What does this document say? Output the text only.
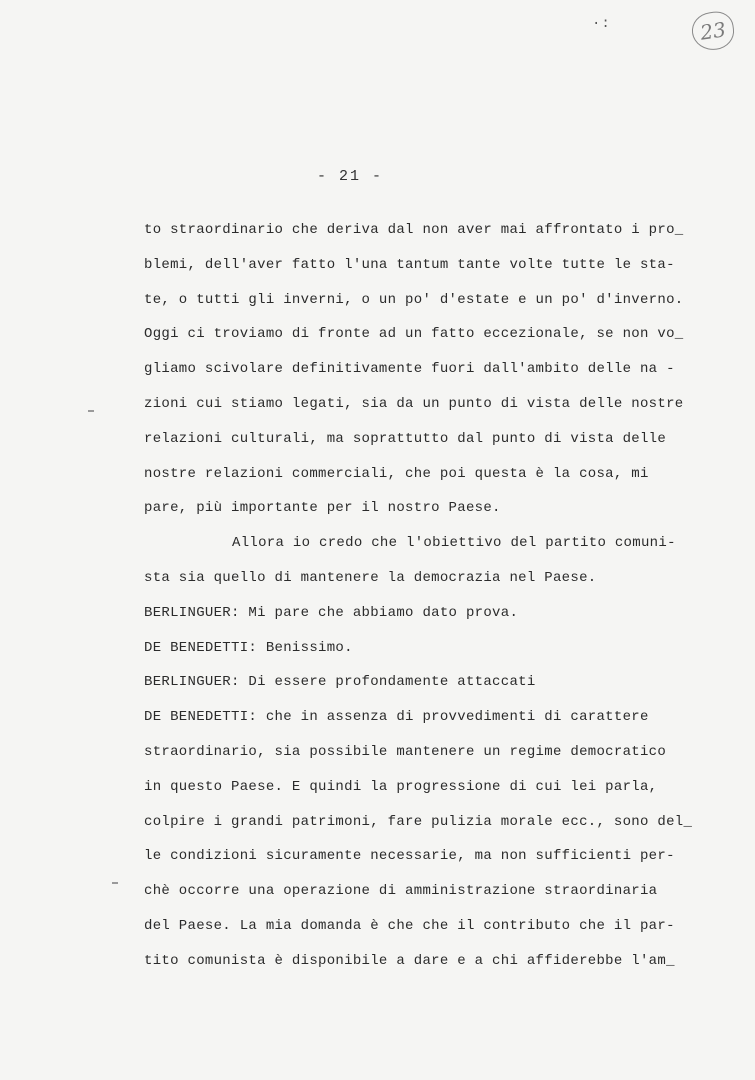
·:	23
- 21 -
to straordinario che deriva dal non aver mai affrontato i pro_
blemi, dell'aver fatto l'una tantum tante volte tutte le sta-
te, o tutti gli inverni, o un po' d'estate e un po' d'inverno.
Oggi ci troviamo di fronte ad un fatto eccezionale, se non vo_
gliamo scivolare definitivamente fuori dall'ambito delle na -
zioni cui stiamo legati, sia da un punto di vista delle nostre
relazioni culturali, ma soprattutto dal punto di vista delle
nostre relazioni commerciali, che poi questa è la cosa, mi
pare, più importante per il nostro Paese.
Allora io credo che l'obiettivo del partito comuni-
sta sia quello di mantenere la democrazia nel Paese.
BERLINGUER: Mi pare che abbiamo dato prova.
DE BENEDETTI: Benissimo.
BERLINGUER: Di essere profondamente attaccati
DE BENEDETTI: che in assenza di provvedimenti di carattere
straordinario, sia possibile mantenere un regime democratico
in questo Paese. E quindi la progressione di cui lei parla,
colpire i grandi patrimoni, fare pulizia morale ecc., sono del_
le condizioni sicuramente necessarie, ma non sufficienti per-
chè occorre una operazione di amministrazione straordinaria
del Paese. La mia domanda è che che il contributo che il par-
tito comunista è disponibile a dare e a chi affiderebbe l'am_
